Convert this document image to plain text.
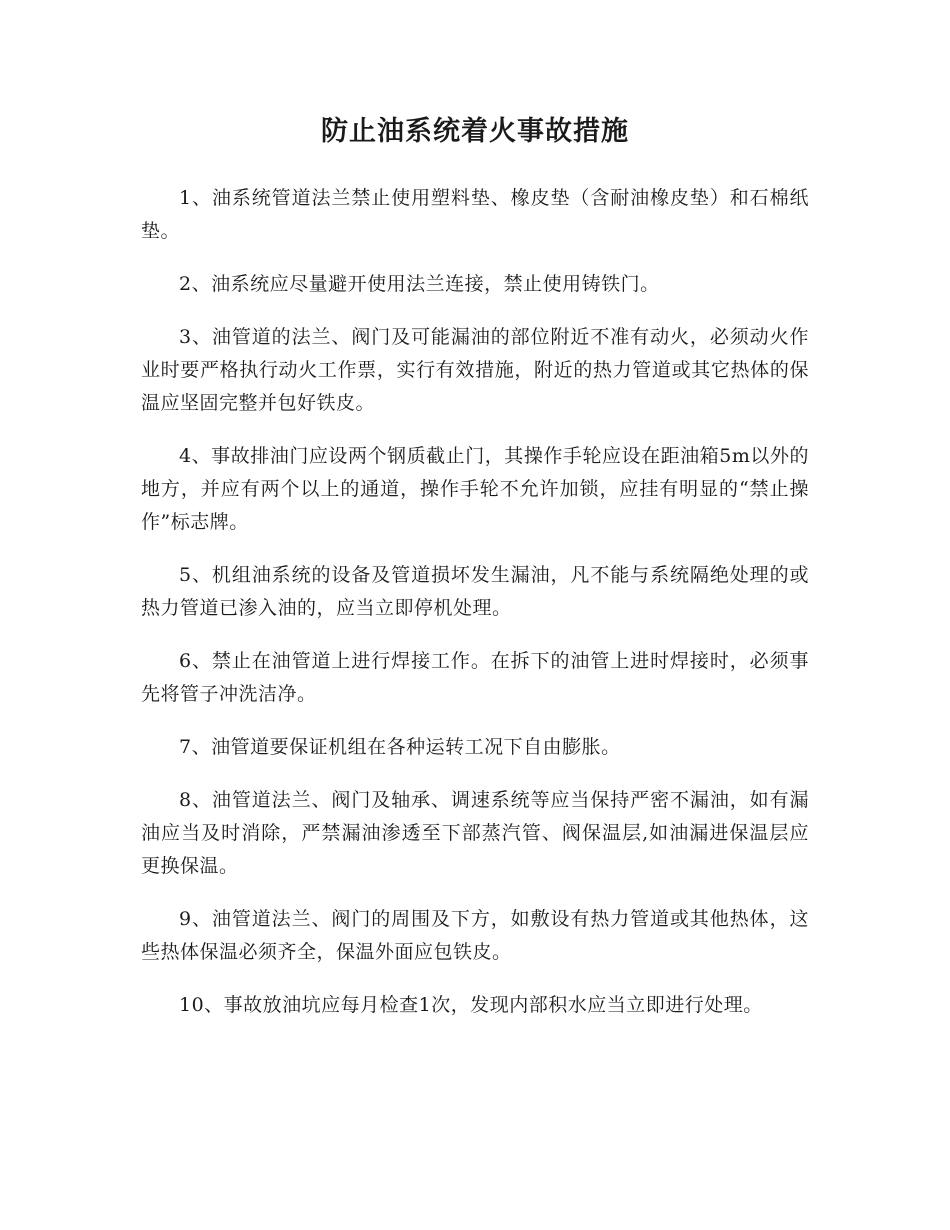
防止油系统着火事故措施

1、油系统管道法兰禁止使用塑料垫、橡皮垫（含耐油橡皮垫）和石棉纸垫。

2、油系统应尽量避开使用法兰连接，禁止使用铸铁门。

3、油管道的法兰、阀门及可能漏油的部位附近不准有动火，必须动火作业时要严格执行动火工作票，实行有效措施，附近的热力管道或其它热体的保温应坚固完整并包好铁皮。

4、事故排油门应设两个钢质截止门，其操作手轮应设在距油箱5m以外的地方，并应有两个以上的通道，操作手轮不允许加锁，应挂有明显的“禁止操作”标志牌。

5、机组油系统的设备及管道损坏发生漏油，凡不能与系统隔绝处理的或热力管道已渗入油的，应当立即停机处理。

6、禁止在油管道上进行焊接工作。在拆下的油管上进时焊接时，必须事先将管子冲洗洁净。

7、油管道要保证机组在各种运转工况下自由膨胀。

8、油管道法兰、阀门及轴承、调速系统等应当保持严密不漏油，如有漏油应当及时消除，严禁漏油渗透至下部蒸汽管、阀保温层,如油漏进保温层应更换保温。

9、油管道法兰、阀门的周围及下方，如敷设有热力管道或其他热体，这些热体保温必须齐全，保温外面应包铁皮。

10、事故放油坑应每月检查1次，发现内部积水应当立即进行处理。
